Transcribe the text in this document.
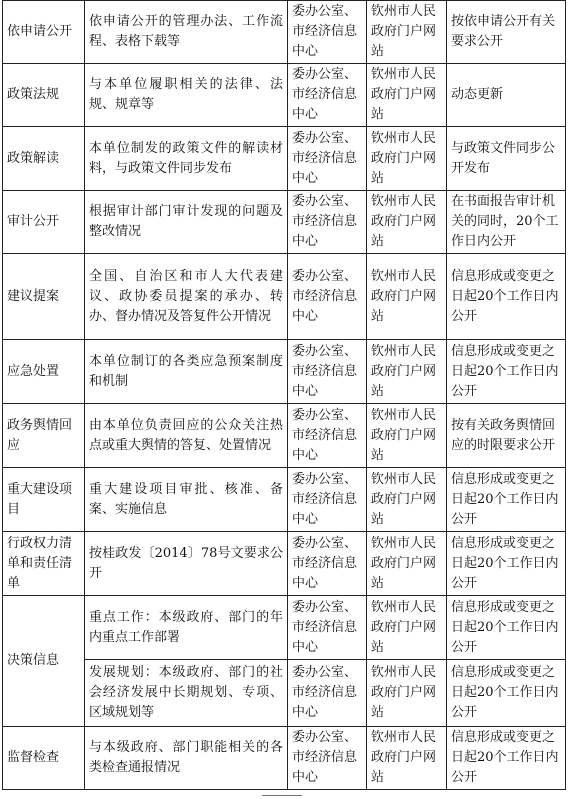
依申请公开	依申请公开的管理办法、工作流程、表格下载等	委办公室、市经济信息中心	钦州市人民政府门户网站	按依申请公开有关要求公开
政策法规	与本单位履职相关的法律、法规、规章等	委办公室、市经济信息中心	钦州市人民政府门户网站	动态更新
政策解读	本单位制发的政策文件的解读材料，与政策文件同步发布	委办公室、市经济信息中心	钦州市人民政府门户网站	与政策文件同步公开发布
审计公开	根据审计部门审计发现的问题及整改情况	委办公室、市经济信息中心	钦州市人民政府门户网站	在书面报告审计机关的同时，20个工作日内公开
建议提案	全国、自治区和市人大代表建议、政协委员提案的承办、转办、督办情况及答复件公开情况	委办公室、市经济信息中心	钦州市人民政府门户网站	信息形成或变更之日起20个工作日内公开
应急处置	本单位制订的各类应急预案制度和机制	委办公室、市经济信息中心	钦州市人民政府门户网站	信息形成或变更之日起20个工作日内公开
政务舆情回应	由本单位负责回应的公众关注热点或重大舆情的答复、处置情况	委办公室、市经济信息中心	钦州市人民政府门户网站	按有关政务舆情回应的时限要求公开
重大建设项目	重大建设项目审批、核准、备案、实施信息	委办公室、市经济信息中心	钦州市人民政府门户网站	信息形成或变更之日起20个工作日内公开
行政权力清单和责任清单	按桂政发〔2014〕78号文要求公开	委办公室、市经济信息中心	钦州市人民政府门户网站	信息形成或变更之日起20个工作日内公开
决策信息	重点工作：本级政府、部门的年内重点工作部署	委办公室、市经济信息中心	钦州市人民政府门户网站	信息形成或变更之日起20个工作日内公开
	发展规划：本级政府、部门的社会经济发展中长期规划、专项、区域规划等	委办公室、市经济信息中心	钦州市人民政府门户网站	信息形成或变更之日起20个工作日内公开
监督检查	与本级政府、部门职能相关的各类检查通报情况	委办公室、市经济信息中心	钦州市人民政府门户网站	信息形成或变更之日起20个工作日内公开
